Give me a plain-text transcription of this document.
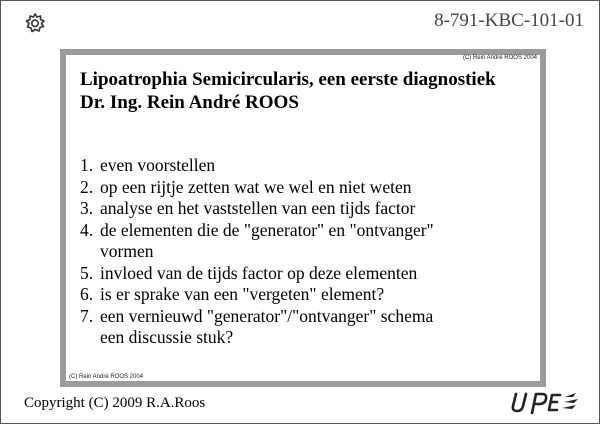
8-791-KBC-101-01
(C) Rein André ROOS 2004
Lipoatrophia Semicircularis, een eerste diagnostiek
Dr. Ing. Rein André ROOS
1. even voorstellen
2. op een rijtje zetten wat we wel en niet weten
3. analyse en het vaststellen van een tijds factor
4. de elementen die de "generator" en "ontvanger"
vormen
5. invloed van de tijds factor op deze elementen
6. is er sprake van een "vergeten" element?
7. een vernieuwd "generator"/"ontvanger" schema
een discussie stuk?
(C) Rein André ROOS 2004
Copyright (C) 2009 R.A.Roos
